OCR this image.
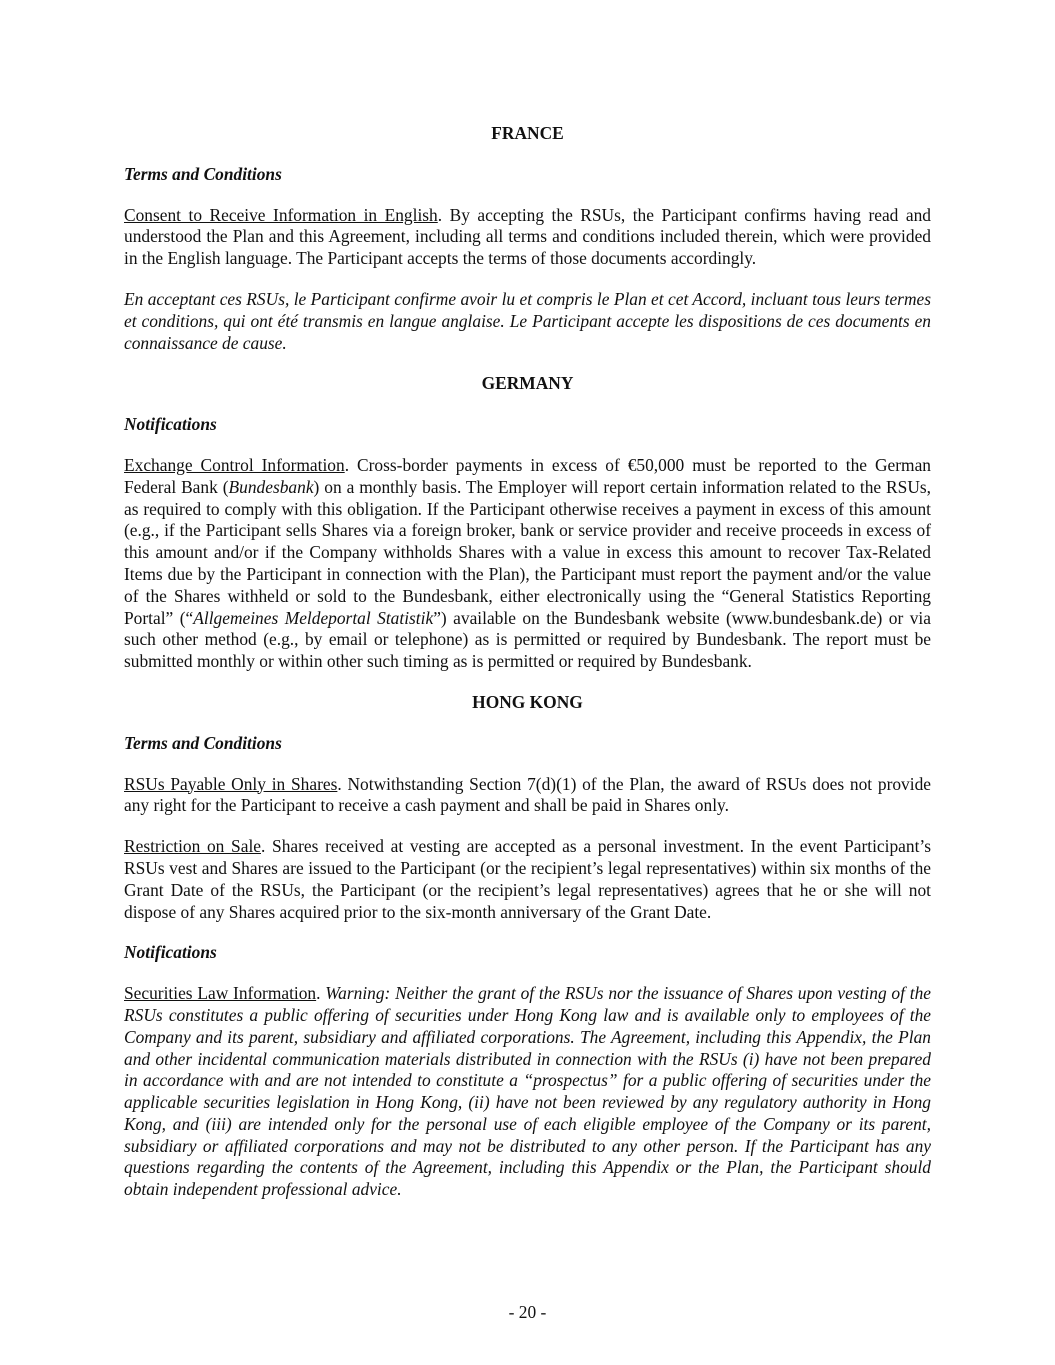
FRANCE
Terms and Conditions

Consent to Receive Information in English. By accepting the RSUs, the Participant confirms having read and understood the Plan and this Agreement, including all terms and conditions included therein, which were provided in the English language. The Participant accepts the terms of those documents accordingly.

En acceptant ces RSUs, le Participant confirme avoir lu et compris le Plan et cet Accord, incluant tous leurs termes et conditions, qui ont été transmis en langue anglaise. Le Participant accepte les dispositions de ces documents en connaissance de cause.

GERMANY
Notifications

Exchange Control Information. Cross-border payments in excess of €50,000 must be reported to the German Federal Bank (Bundesbank) on a monthly basis. The Employer will report certain information related to the RSUs, as required to comply with this obligation. If the Participant otherwise receives a payment in excess of this amount (e.g., if the Participant sells Shares via a foreign broker, bank or service provider and receive proceeds in excess of this amount and/or if the Company withholds Shares with a value in excess this amount to recover Tax-Related Items due by the Participant in connection with the Plan), the Participant must report the payment and/or the value of the Shares withheld or sold to the Bundesbank, either electronically using the “General Statistics Reporting Portal” (“Allgemeines Meldeportal Statistik”) available on the Bundesbank website (www.bundesbank.de) or via such other method (e.g., by email or telephone) as is permitted or required by Bundesbank. The report must be submitted monthly or within other such timing as is permitted or required by Bundesbank.

HONG KONG
Terms and Conditions

RSUs Payable Only in Shares. Notwithstanding Section 7(d)(1) of the Plan, the award of RSUs does not provide any right for the Participant to receive a cash payment and shall be paid in Shares only.

Restriction on Sale. Shares received at vesting are accepted as a personal investment. In the event Participant’s RSUs vest and Shares are issued to the Participant (or the recipient’s legal representatives) within six months of the Grant Date of the RSUs, the Participant (or the recipient’s legal representatives) agrees that he or she will not dispose of any Shares acquired prior to the six-month anniversary of the Grant Date.

Notifications

Securities Law Information. Warning: Neither the grant of the RSUs nor the issuance of Shares upon vesting of the RSUs constitutes a public offering of securities under Hong Kong law and is available only to employees of the Company and its parent, subsidiary and affiliated corporations. The Agreement, including this Appendix, the Plan and other incidental communication materials distributed in connection with the RSUs (i) have not been prepared in accordance with and are not intended to constitute a “prospectus” for a public offering of securities under the applicable securities legislation in Hong Kong, (ii) have not been reviewed by any regulatory authority in Hong Kong, and (iii) are intended only for the personal use of each eligible employee of the Company or its parent, subsidiary or affiliated corporations and may not be distributed to any other person. If the Participant has any questions regarding the contents of the Agreement, including this Appendix or the Plan, the Participant should obtain independent professional advice.

- 20 -
